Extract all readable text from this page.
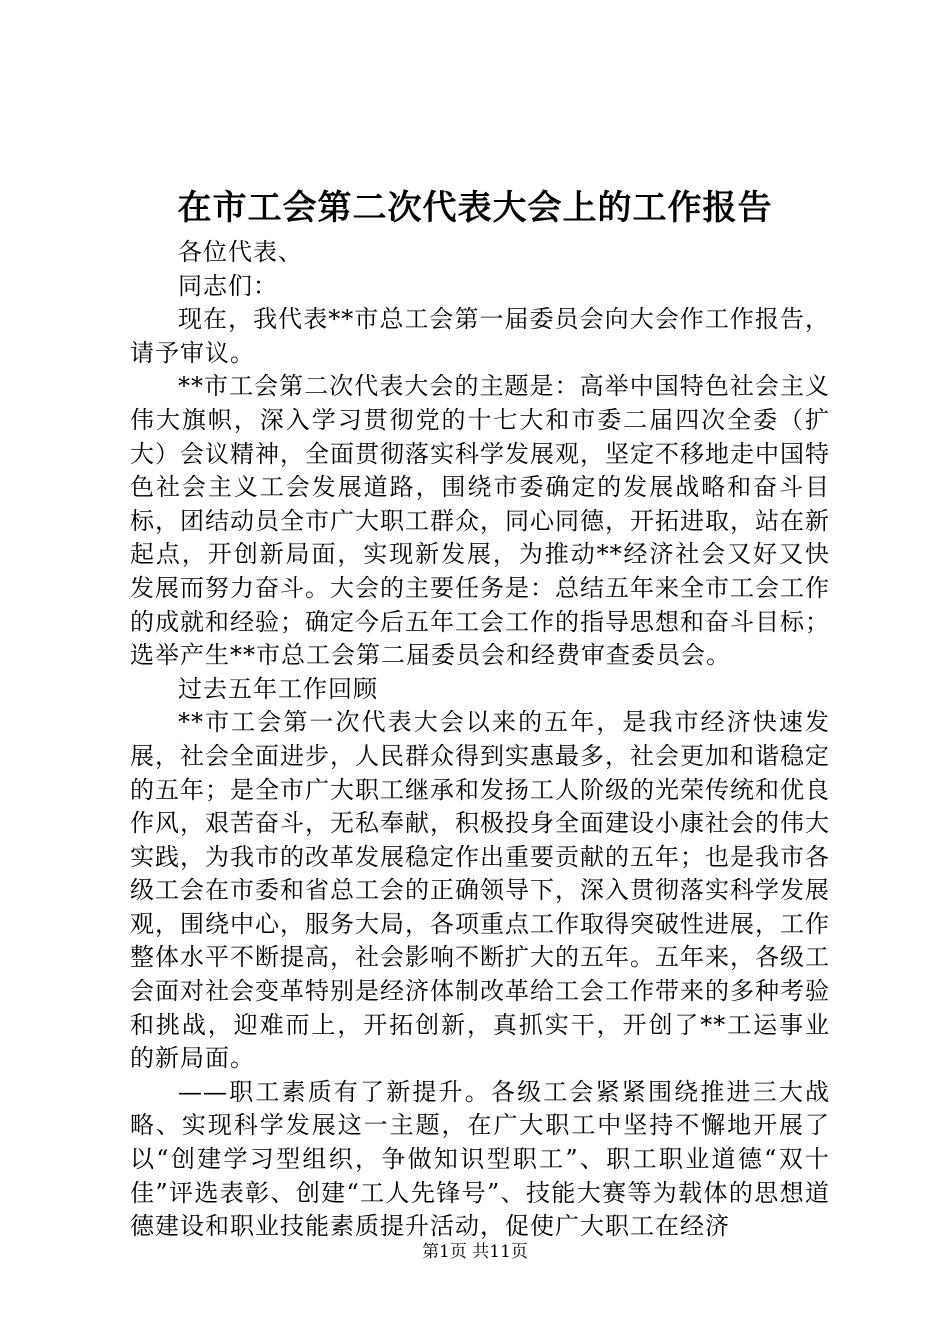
在市工会第二次代表大会上的工作报告

各位代表、

同志们：

现在，我代表**市总工会第一届委员会向大会作工作报告，请予审议。

**市工会第二次代表大会的主题是：高举中国特色社会主义伟大旗帜，深入学习贯彻党的十七大和市委二届四次全委（扩大）会议精神，全面贯彻落实科学发展观，坚定不移地走中国特色社会主义工会发展道路，围绕市委确定的发展战略和奋斗目标，团结动员全市广大职工群众，同心同德，开拓进取，站在新起点，开创新局面，实现新发展，为推动**经济社会又好又快发展而努力奋斗。大会的主要任务是：总结五年来全市工会工作的成就和经验；确定今后五年工会工作的指导思想和奋斗目标；选举产生**市总工会第二届委员会和经费审查委员会。

过去五年工作回顾

**市工会第一次代表大会以来的五年，是我市经济快速发展，社会全面进步，人民群众得到实惠最多，社会更加和谐稳定的五年；是全市广大职工继承和发扬工人阶级的光荣传统和优良作风，艰苦奋斗，无私奉献，积极投身全面建设小康社会的伟大实践，为我市的改革发展稳定作出重要贡献的五年；也是我市各级工会在市委和省总工会的正确领导下，深入贯彻落实科学发展观，围绕中心，服务大局，各项重点工作取得突破性进展，工作整体水平不断提高，社会影响不断扩大的五年。五年来，各级工会面对社会变革特别是经济体制改革给工会工作带来的多种考验和挑战，迎难而上，开拓创新，真抓实干，开创了**工运事业的新局面。

——职工素质有了新提升。各级工会紧紧围绕推进三大战略、实现科学发展这一主题，在广大职工中坚持不懈地开展了以“创建学习型组织，争做知识型职工”、职工职业道德“双十佳”评选表彰、创建“工人先锋号”、技能大赛等为载体的思想道德建设和职业技能素质提升活动，促使广大职工在经济

第1页 共11页
